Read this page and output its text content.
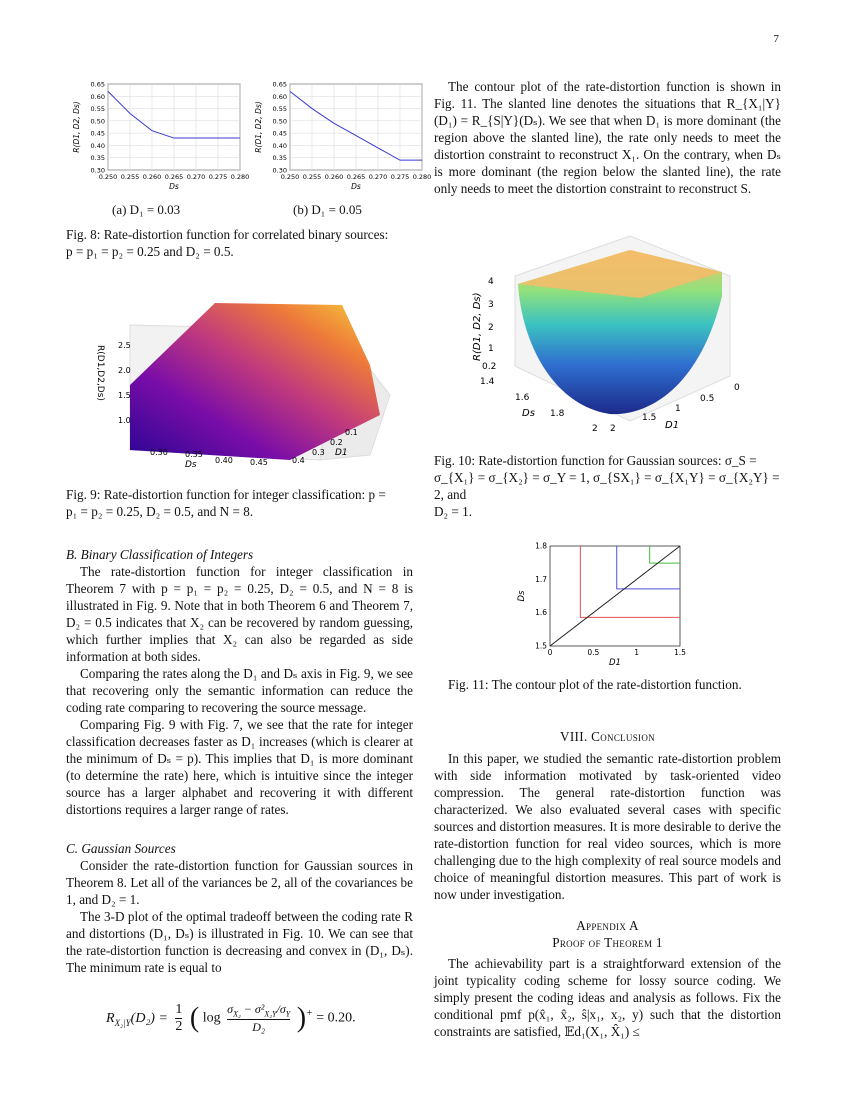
7
0.250 0.255 0.260 0.265 0.270 0.275 0.280
0.30
0.35
0.40
0.45
0.50
0.55
0.60
0.65
Ds
R(D1, D2, Ds)
0.250 0.255 0.260 0.265 0.270 0.275 0.280
0.30
0.35
0.40
0.45
0.50
0.55
0.60
0.65
Ds
R(D1, D2, Ds)
(a) D₁ = 0.03	(b) D₁ = 0.05
Fig. 8: Rate-distortion function for correlated binary sources:
p = p₁ = p₂ = 0.25 and D₂ = 0.5.
2.5
2.0
1.5
1.0
R(D1,D2,Ds)
0.30 0.35
0.40 0.45
Ds	0.4
0.3
0.2
0.1
D1
Fig. 9: Rate-distortion function for integer classification: p =
p₁ = p₂ = 0.25, D₂ = 0.5, and N = 8.

B. Binary Classification of Integers

The rate-distortion function for integer classification in Theorem 7 with p = p₁ = p₂ = 0.25, D₂ = 0.5, and N = 8 is illustrated in Fig. 9. Note that in both Theorem 6 and Theorem 7, D₂ = 0.5 indicates that X₂ can be recovered by random guessing, which further implies that X₂ can also be regarded as side information at both sides.

Comparing the rates along the D₁ and Dₛ axis in Fig. 9, we see that recovering only the semantic information can reduce the coding rate comparing to recovering the source message.

Comparing Fig. 9 with Fig. 7, we see that the rate for integer classification decreases faster as D₁ increases (which is clearer at the minimum of Dₛ = p). This implies that D₁ is more dominant (to determine the rate) here, which is intuitive since the integer source has a larger alphabet and recovering it with different distortions requires a larger range of rates.

C. Gaussian Sources

Consider the rate-distortion function for Gaussian sources in Theorem 8. Let all of the variances be 2, all of the covariances be 1, and D₂ = 1.

The 3-D plot of the optimal tradeoff between the coding rate R and distortions (D₁, Dₛ) is illustrated in Fig. 10. We can see that the rate-distortion function is decreasing and convex in (D₁, Dₛ). The minimum rate is equal to

$R_{X_2|Y}(D_2) = \frac{1}{2}$ ( $\log \frac{\sigma_{X_2} - \sigma^2_{X_2Y}/\sigma_Y}{\text{D₂}} )^+ = 0.20$.

The contour plot of the rate-distortion function is shown in Fig. 11. The slanted line denotes the situations that R_{X₁|Y}(D₁) = R_{S|Y}(Dₛ). We see that when D₁ is more dominant (the region above the slanted line), the rate only needs to meet the distortion constraint to reconstruct X₁. On the contrary, when Dₛ is more dominant (the region below the slanted line), the rate only needs to meet the distortion constraint to reconstruct S.

4
3
2
1
0.2
R(D1, D2, Ds)
1.4
1.6
1.8
2
Ds
0
0.5
1
1.5
2	D1
Fig. 10: Rate-distortion function for Gaussian sources: σ_S =
σ_{X₁} = σ_{X₂} = σ_Y = 1, σ_{SX₁} = σ_{X₁Y} = σ_{X₂Y} = 2, and
D₂ = 1.
0	0.5	1	1.5
1.5
1.6
1.7
1.8
D1
Ds
Fig. 11: The contour plot of the rate-distortion function.
VIII. Conclusion

In this paper, we studied the semantic rate-distortion problem with side information motivated by task-oriented video compression. The general rate-distortion function was characterized. We also evaluated several cases with specific sources and distortion measures. It is more desirable to derive the rate-distortion function for real video sources, which is more challenging due to the high complexity of real source models and choice of meaningful distortion measures. This part of work is now under investigation.

Appendix A
Proof of Theorem 1

The achievability part is a straightforward extension of the joint typicality coding scheme for lossy source coding. We simply present the coding ideas and analysis as follows. Fix the conditional pmf p(x̂₁, x̂₂, ŝ|x₁, x₂, y) such that the distortion constraints are satisfied, 𝔼d₁(X₁, X̂₁) ≤
